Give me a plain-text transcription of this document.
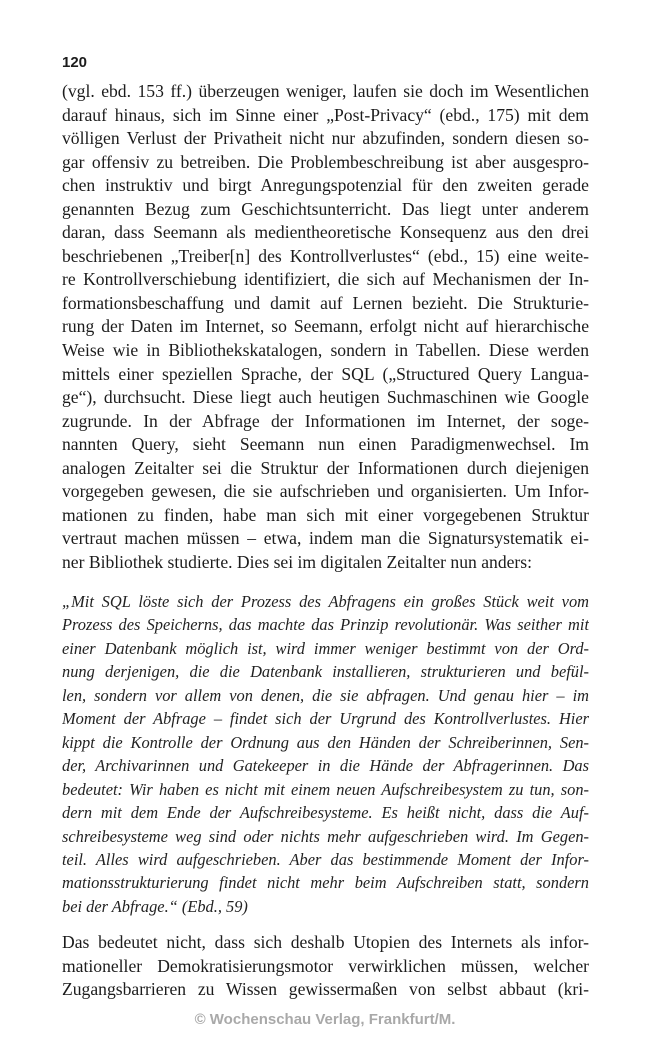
120
(vgl. ebd. 153 ff.) überzeugen weniger, laufen sie doch im Wesentlichen
darauf hinaus, sich im Sinne einer „Post-Privacy“ (ebd., 175) mit dem
völligen Verlust der Privatheit nicht nur abzufinden, sondern diesen so-
gar offensiv zu betreiben. Die Problembeschreibung ist aber ausgespro-
chen instruktiv und birgt Anregungspotenzial für den zweiten gerade
genannten Bezug zum Geschichtsunterricht. Das liegt unter anderem
daran, dass Seemann als medientheoretische Konsequenz aus den drei
beschriebenen „Treiber[n] des Kontrollverlustes“ (ebd., 15) eine weite-
re Kontrollverschiebung identifiziert, die sich auf Mechanismen der In-
formationsbeschaffung und damit auf Lernen bezieht. Die Strukturie-
rung der Daten im Internet, so Seemann, erfolgt nicht auf hierarchische
Weise wie in Bibliothekskatalogen, sondern in Tabellen. Diese werden
mittels einer speziellen Sprache, der SQL („Structured Query Langua-
ge“), durchsucht. Diese liegt auch heutigen Suchmaschinen wie Google
zugrunde. In der Abfrage der Informationen im Internet, der soge-
nannten Query, sieht Seemann nun einen Paradigmenwechsel. Im
analogen Zeitalter sei die Struktur der Informationen durch diejenigen
vorgegeben gewesen, die sie aufschrieben und organisierten. Um Infor-
mationen zu finden, habe man sich mit einer vorgegebenen Struktur
vertraut machen müssen – etwa, indem man die Signatursystematik ei-
ner Bibliothek studierte. Dies sei im digitalen Zeitalter nun anders:
„Mit SQL löste sich der Prozess des Abfragens ein großes Stück weit vom
Prozess des Speicherns, das machte das Prinzip revolutionär. Was seither mit
einer Datenbank möglich ist, wird immer weniger bestimmt von der Ord-
nung derjenigen, die die Datenbank installieren, strukturieren und befül-
len, sondern vor allem von denen, die sie abfragen. Und genau hier – im
Moment der Abfrage – findet sich der Urgrund des Kontrollverlustes. Hier
kippt die Kontrolle der Ordnung aus den Händen der Schreiberinnen, Sen-
der, Archivarinnen und Gatekeeper in die Hände der Abfragerinnen. Das
bedeutet: Wir haben es nicht mit einem neuen Aufschreibesystem zu tun, son-
dern mit dem Ende der Aufschreibesysteme. Es heißt nicht, dass die Auf-
schreibesysteme weg sind oder nichts mehr aufgeschrieben wird. Im Gegen-
teil. Alles wird aufgeschrieben. Aber das bestimmende Moment der Infor-
mationsstrukturierung findet nicht mehr beim Aufschreiben statt, sondern
bei der Abfrage.“ (Ebd., 59)
Das bedeutet nicht, dass sich deshalb Utopien des Internets als infor-
mationeller Demokratisierungsmotor verwirklichen müssen, welcher
Zugangsbarrieren zu Wissen gewissermaßen von selbst abbaut (kri-
© Wochenschau Verlag, Frankfurt/M.
